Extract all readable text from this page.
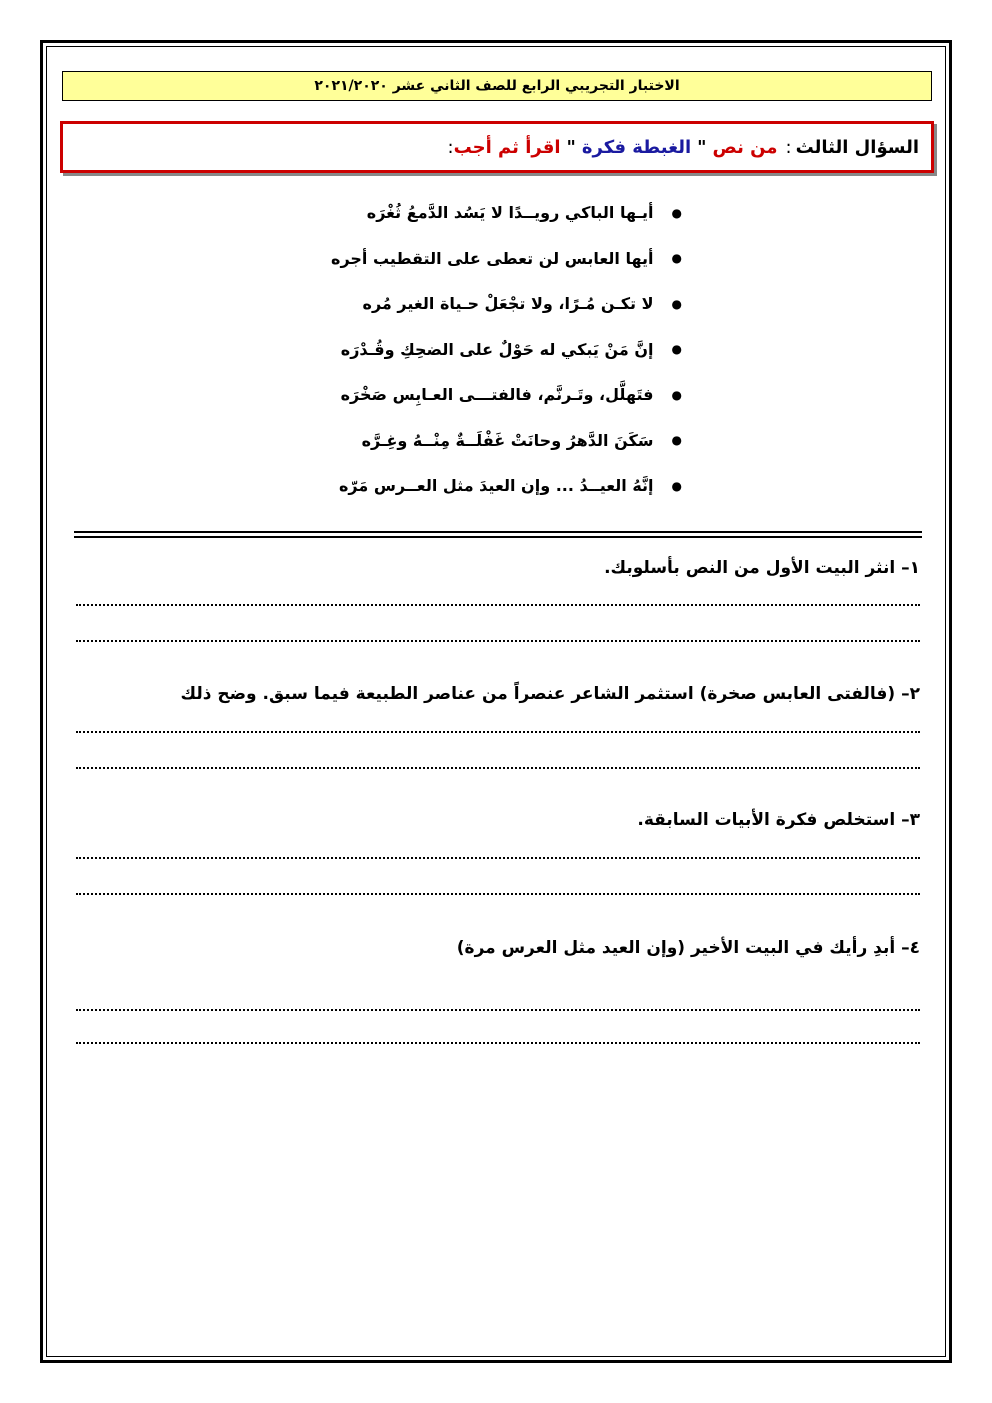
الاختبار التجريبي الرابع للصف الثاني عشر ٢٠٢١/٢٠٢٠
السؤال الثالث
:
من نص
"
الغبطة فكرة
"
اقرأ ثم أجب
:
●
أيـها الباكي رويــدًا لا يَسُد الدَّمعُ ثُغْرَه
●
أيها العابس لن تعطى على التقطيب أجره
●
لا تكـن مُـرًا، ولا تجْعَلْ حـياة الغير مُره
●
إنَّ مَنْ يَبكي له حَوْلٌ على الضحِكِ وقُـدْرَه
●
فتَهلَّل، وتَـرنَّم، فالفتـــى العـابِس صَخْرَه
●
سَكَنَ الدَّهرُ وحانَتْ غَفْلَــةٌ مِنْــهُ وغِـرَّه
●
إنَّهُ العيــدُ ... وإن العيدَ مثل العــرس مَرّه
١– انثر البيت الأول من النص بأسلوبك.
٢– (فالفتى العابس صخرة) استثمر الشاعر عنصراً من عناصر الطبيعة فيما سبق. وضح ذلك
٣– استخلص فكرة الأبيات السابقة.
٤– أبدِ رأيك في البيت الأخير (وإن العيد مثل العرس مرة)
